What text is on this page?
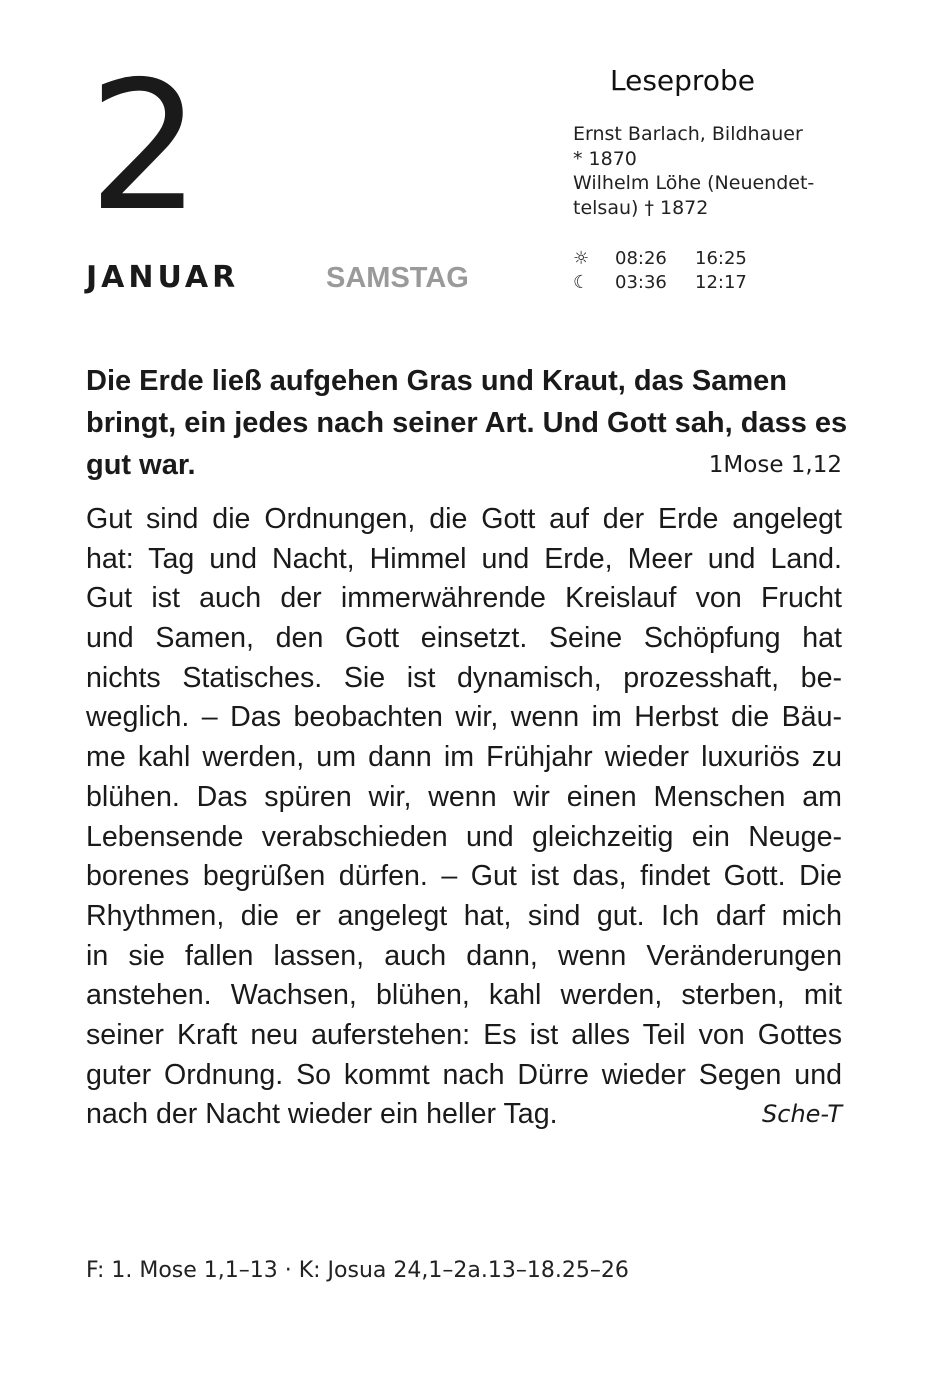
2
JANUAR	SAMSTAG
Leseprobe
Ernst Barlach, Bildhauer
* 1870
Wilhelm Löhe (Neuendet-
telsau) † 1872
☼	08:26	16:25
☾	03:36	12:17
Die Erde ließ aufgehen Gras und Kraut, das Samen
bringt, ein jedes nach seiner Art. Und Gott sah, dass es
gut war.	1Mose 1,12
Gut sind die Ordnungen, die Gott auf der Erde angelegt
hat: Tag und Nacht, Himmel und Erde, Meer und Land.
Gut ist auch der immerwährende Kreislauf von Frucht
und Samen, den Gott einsetzt. Seine Schöpfung hat
nichts Statisches. Sie ist dynamisch, prozesshaft, be-
weglich. – Das beobachten wir, wenn im Herbst die Bäu-
me kahl werden, um dann im Frühjahr wieder luxuriös zu
blühen. Das spüren wir, wenn wir einen Menschen am
Lebensende verabschieden und gleichzeitig ein Neuge-
borenes begrüßen dürfen. – Gut ist das, findet Gott. Die
Rhythmen, die er angelegt hat, sind gut. Ich darf mich
in sie fallen lassen, auch dann, wenn Veränderungen
anstehen. Wachsen, blühen, kahl werden, sterben, mit
seiner Kraft neu auferstehen: Es ist alles Teil von Gottes
guter Ordnung. So kommt nach Dürre wieder Segen und
nach der Nacht wieder ein heller Tag.	Sche-T
F: 1. Mose 1,1–13 · K: Josua 24,1–2a.13–18.25–26
